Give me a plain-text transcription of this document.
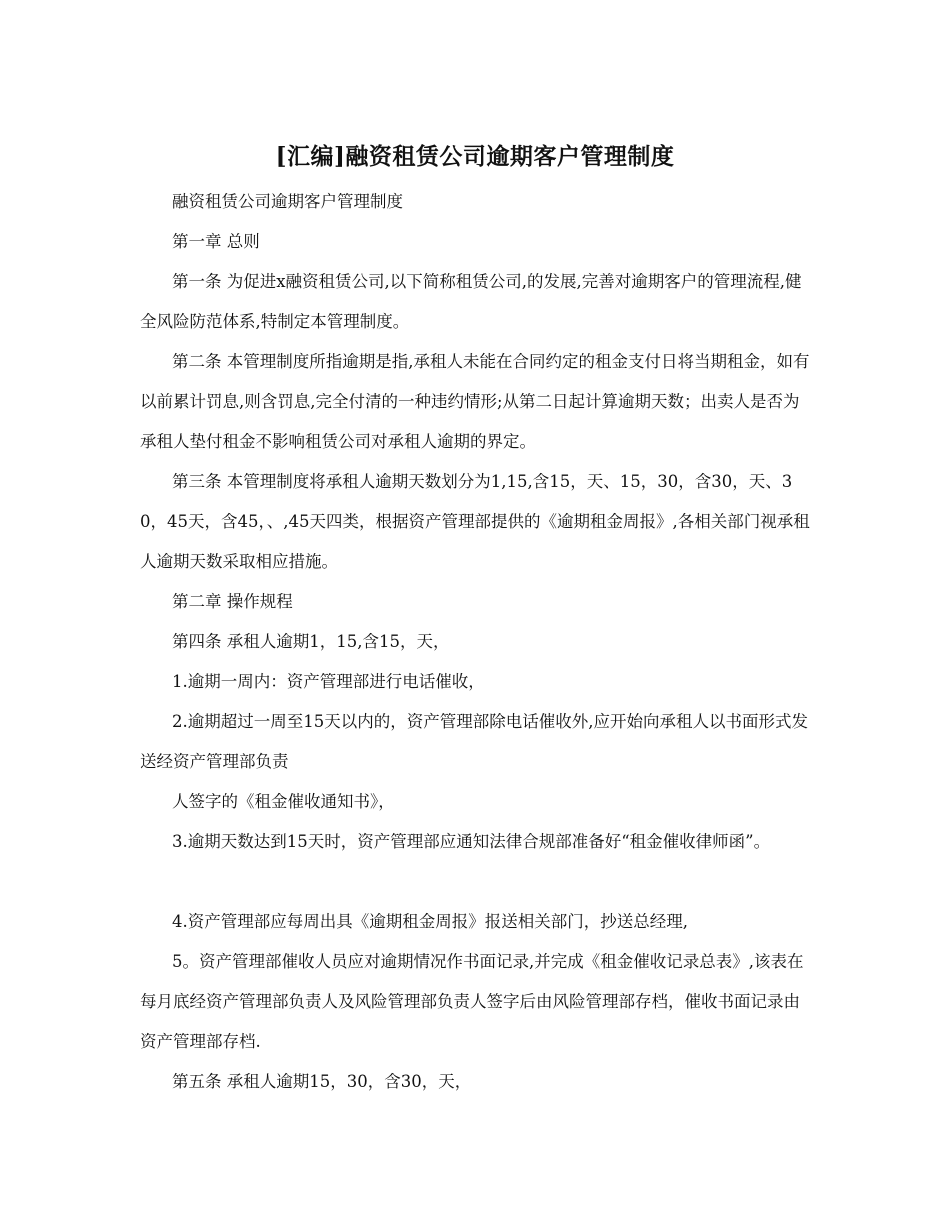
[汇编]融资租赁公司逾期客户管理制度

融资租赁公司逾期客户管理制度

第一章 总则

第一条 为促进x融资租赁公司,以下简称租赁公司,的发展,完善对逾期客户的管理流程,健全风险防范体系,特制定本管理制度。

第二条 本管理制度所指逾期是指,承租人未能在合同约定的租金支付日将当期租金，如有以前累计罚息,则含罚息,完全付清的一种违约情形;从第二日起计算逾期天数；出卖人是否为承租人垫付租金不影响租赁公司对承租人逾期的界定。

第三条 本管理制度将承租人逾期天数划分为1,15,含15，天、15，30，含30，天、30，45天，含45，、,45天四类，根据资产管理部提供的《逾期租金周报》,各相关部门视承租人逾期天数采取相应措施。

第二章 操作规程

第四条 承租人逾期1，15,含15，天，

1.逾期一周内：资产管理部进行电话催收，

2.逾期超过一周至15天以内的，资产管理部除电话催收外,应开始向承租人以书面形式发送经资产管理部负责

人签字的《租金催收通知书》，

3.逾期天数达到15天时，资产管理部应通知法律合规部准备好“租金催收律师函”。

4.资产管理部应每周出具《逾期租金周报》报送相关部门，抄送总经理,

5。资产管理部催收人员应对逾期情况作书面记录,并完成《租金催收记录总表》,该表在每月底经资产管理部负责人及风险管理部负责人签字后由风险管理部存档，催收书面记录由资产管理部存档.

第五条 承租人逾期15，30，含30，天，
